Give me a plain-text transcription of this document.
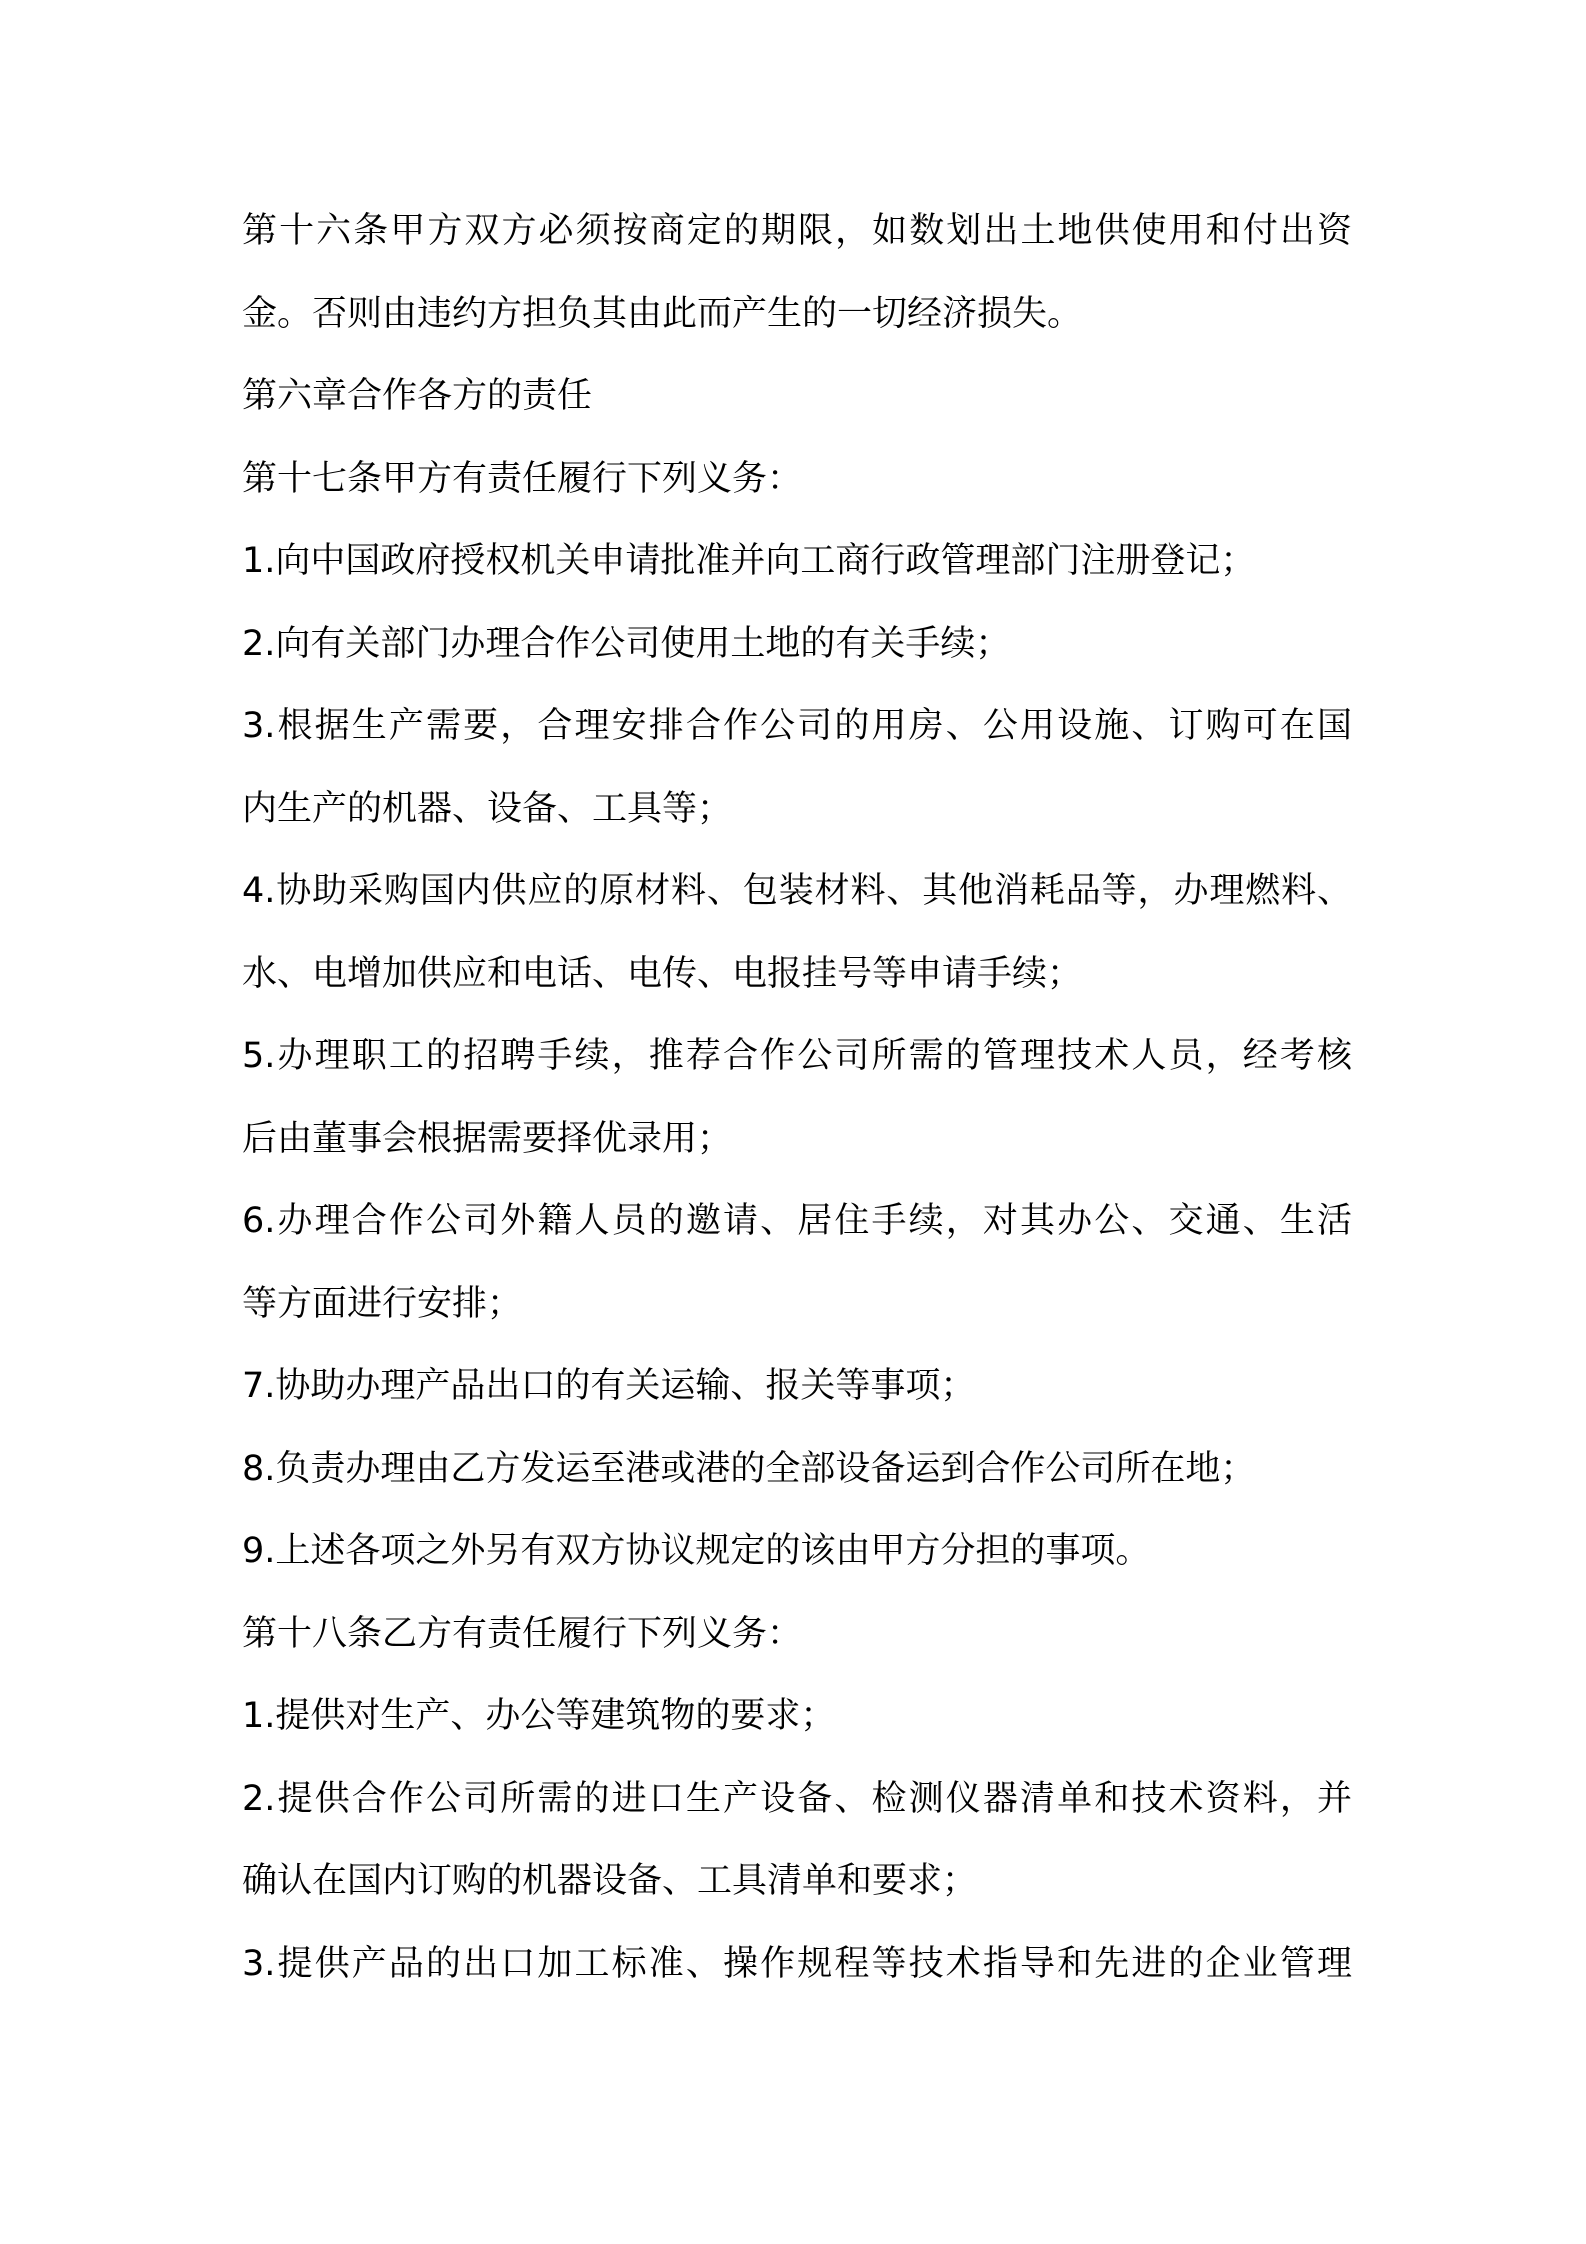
第十六条甲方双方必须按商定的期限，如数划出土地供使用和付出资
金。否则由违约方担负其由此而产生的一切经济损失。
第六章合作各方的责任
第十七条甲方有责任履行下列义务：
1.向中国政府授权机关申请批准并向工商行政管理部门注册登记；
2.向有关部门办理合作公司使用土地的有关手续；
3.根据生产需要，合理安排合作公司的用房、公用设施、订购可在国
内生产的机器、设备、工具等；
4.协助采购国内供应的原材料、包装材料、其他消耗品等，办理燃料、
水、电增加供应和电话、电传、电报挂号等申请手续；
5.办理职工的招聘手续，推荐合作公司所需的管理技术人员，经考核
后由董事会根据需要择优录用；
6.办理合作公司外籍人员的邀请、居住手续，对其办公、交通、生活
等方面进行安排；
7.协助办理产品出口的有关运输、报关等事项；
8.负责办理由乙方发运至港或港的全部设备运到合作公司所在地；
9.上述各项之外另有双方协议规定的该由甲方分担的事项。
第十八条乙方有责任履行下列义务：
1.提供对生产、办公等建筑物的要求；
2.提供合作公司所需的进口生产设备、检测仪器清单和技术资料，并
确认在国内订购的机器设备、工具清单和要求；
3.提供产品的出口加工标准、操作规程等技术指导和先进的企业管理
